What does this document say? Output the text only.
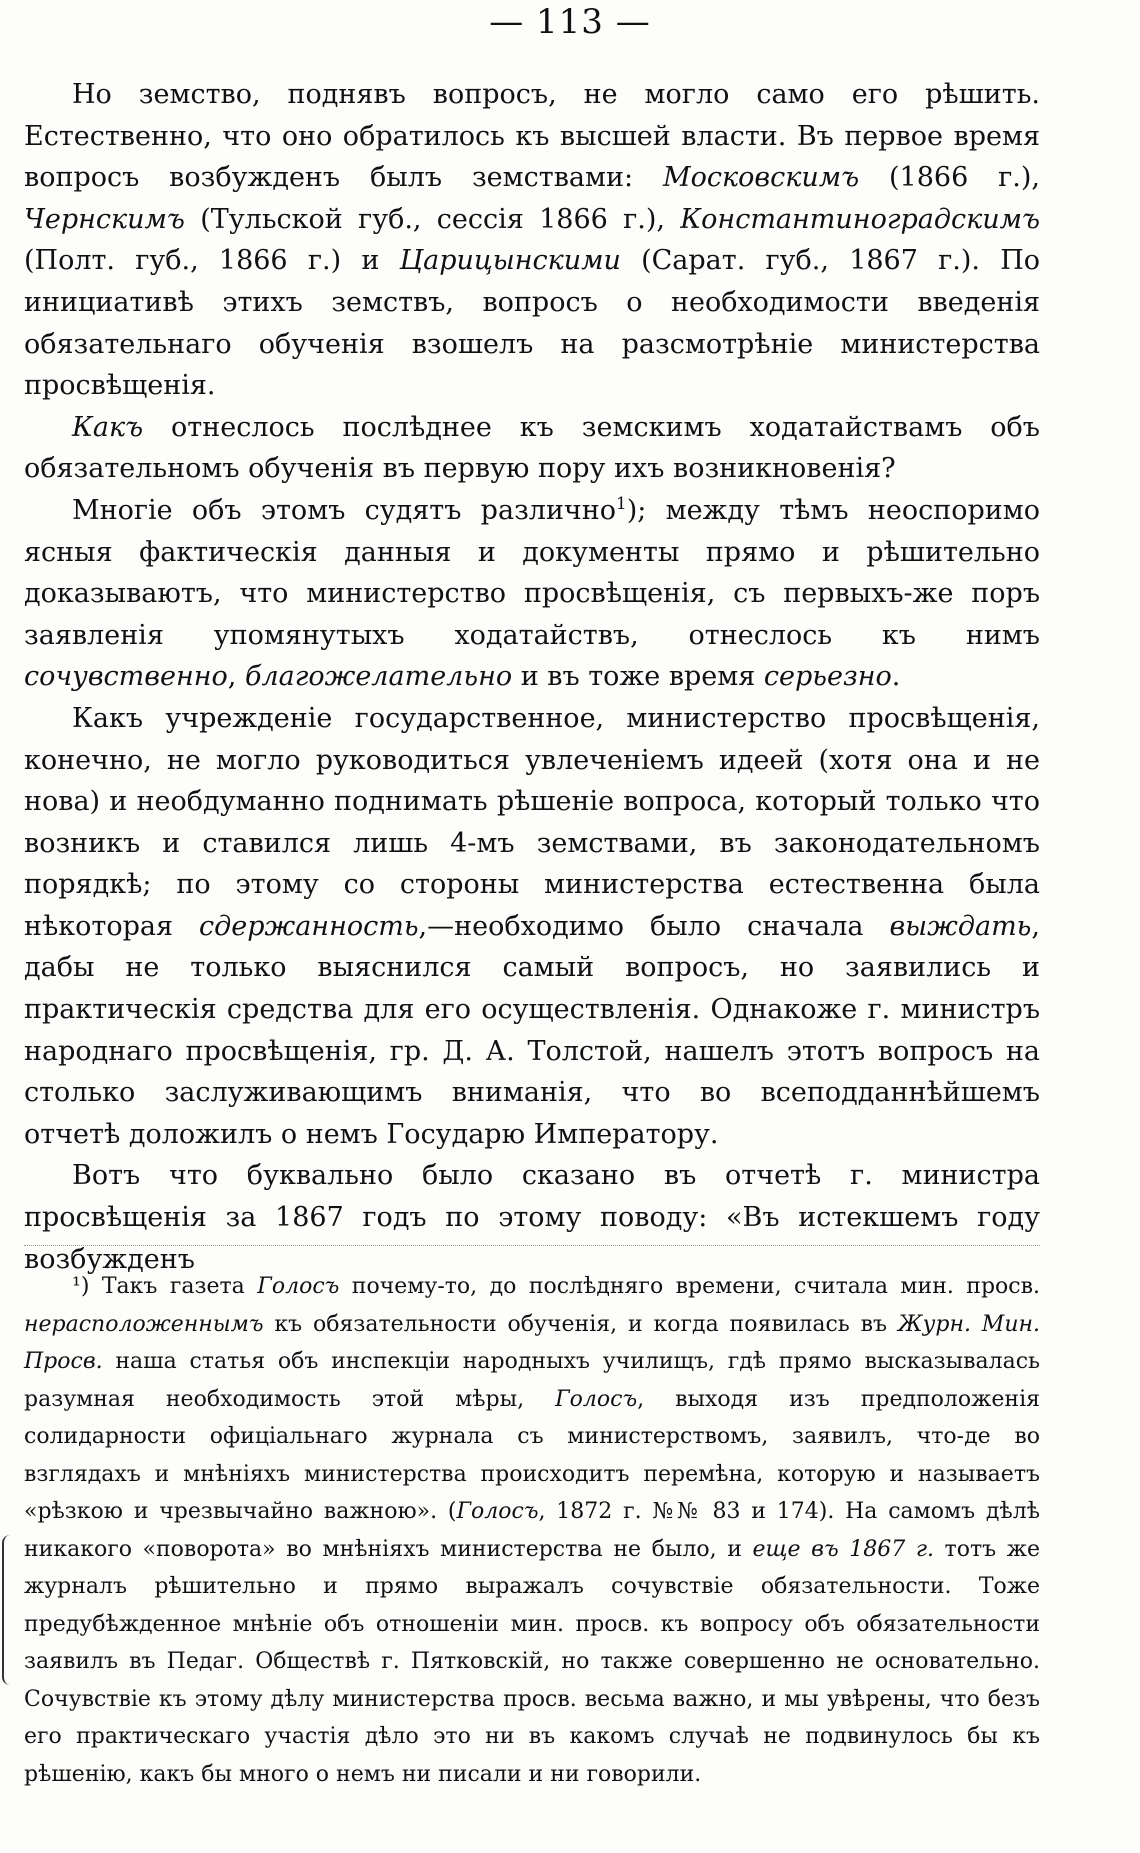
— 113 —

Но земство, поднявъ вопросъ, не могло само его рѣшить. Естественно, что оно обратилось къ высшей власти. Въ первое время вопросъ возбужденъ былъ земствами: Московскимъ (1866 г.), Чернскимъ (Тульской губ., сессія 1866 г.), Константиноградскимъ (Полт. губ., 1866 г.) и Царицынскими (Сарат. губ., 1867 г.). По инициативѣ этихъ земствъ, вопросъ о необходимости введенія обязательнаго обученія взошелъ на разсмотрѣніе министерства просвѣщенія.

Какъ отнеслось послѣднее къ земскимъ ходатайствамъ объ обязательномъ обученія въ первую пору ихъ возникновенія?

Многіе объ этомъ судятъ различно$^1$); между тѣмъ неоспоримо ясныя фактическія данныя и документы прямо и рѣшительно доказываютъ, что министерство просвѣщенія, съ первыхъ-же поръ заявленія упомянутыхъ ходатайствъ, отнеслось къ нимъ сочувственно, благожелательно и въ тоже время серьезно.

Какъ учрежденіе государственное, министерство просвѣщенія, конечно, не могло руководиться увлеченіемъ идеей (хотя она и не нова) и необдуманно поднимать рѣшеніе вопроса, который только что возникъ и ставился лишь 4-мъ земствами, въ законодательномъ порядкѣ; по этому со стороны министерства естественна была нѣкоторая сдержанность,—необходимо было сначала выждать, дабы не только выяснился самый вопросъ, но заявились и практическія средства для его осуществленія. Однакоже г. министръ народнаго просвѣщенія, гр. Д. А. Толстой, нашелъ этотъ вопросъ на столько заслуживающимъ вниманія, что во всеподданнѣйшемъ отчетѣ доложилъ о немъ Государю Императору.

Вотъ что буквально было сказано въ отчетѣ г. министра просвѣщенія за 1867 годъ по этому поводу: «Въ истекшемъ году возбужденъ

¹) Такъ газета Голосъ почему-то, до послѣдняго времени, считала мин. просв. нерасположеннымъ къ обязательности обученія, и когда появилась въ Журн. Мин. Просв. наша статья объ инспекціи народныхъ училищъ, гдѣ прямо высказывалась разумная необходимость этой мѣры, Голосъ, выходя изъ предположенія солидарности офиціальнаго журнала съ министерствомъ, заявилъ, что-де во взглядахъ и мнѣніяхъ министерства происходитъ перемѣна, которую и называетъ «рѣзкою и чрезвычайно важною». (Голосъ, 1872 г. №№ 83 и 174). На самомъ дѣлѣ никакого «поворота» во мнѣніяхъ министерства не было, и еще въ 1867 г. тотъ же журналъ рѣшительно и прямо выражалъ сочувствіе обязательности. Тоже предубѣжденное мнѣніе объ отношеніи мин. просв. къ вопросу объ обязательности заявилъ въ Педаг. Обществѣ г. Пятковскій, но также совершенно не основательно. Сочувствіе къ этому дѣлу министерства просв. весьма важно, и мы увѣрены, что безъ его практическаго участія дѣло это ни въ какомъ случаѣ не подвинулось бы къ рѣшенію, какъ бы много о немъ ни писали и ни говорили.
